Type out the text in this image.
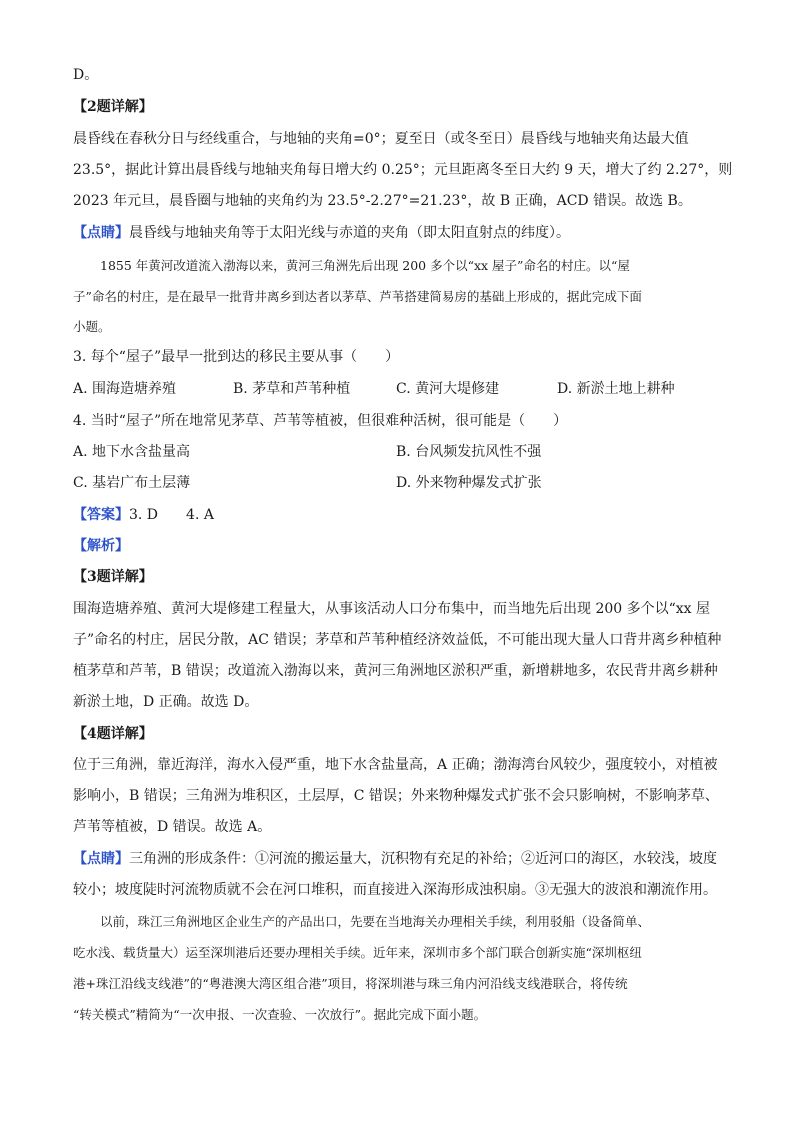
D。
【2题详解】
晨昏线在春秋分日与经线重合，与地轴的夹角=0°；夏至日（或冬至日）晨昏线与地轴夹角达最大值
23.5°，据此计算出晨昏线与地轴夹角每日增大约 0.25°；元旦距离冬至日大约 9 天，增大了约 2.27°，则
2023 年元旦，晨昏圈与地轴的夹角约为 23.5°-2.27°=21.23°，故 B 正确，ACD 错误。故选 B。
【点睛】晨昏线与地轴夹角等于太阳光线与赤道的夹角（即太阳直射点的纬度）。
1855 年黄河改道流入渤海以来，黄河三角洲先后出现 200 多个以“xx 屋子”命名的村庄。以“屋
子”命名的村庄，是在最早一批背井离乡到达者以茅草、芦苇搭建简易房的基础上形成的，据此完成下面
小题。
3. 每个“屋子”最早一批到达的移民主要从事（　　）
A. 围海造塘养殖	B. 茅草和芦苇种植	C. 黄河大堤修建	D. 新淤土地上耕种
4. 当时“屋子”所在地常见茅草、芦苇等植被，但很难种活树，很可能是（　　）
A. 地下水含盐量高	B. 台风频发抗风性不强
C. 基岩广布土层薄	D. 外来物种爆发式扩张
【答案】3. D　　4. A
【解析】
【3题详解】
围海造塘养殖、黄河大堤修建工程量大，从事该活动人口分布集中，而当地先后出现 200 多个以“xx 屋
子”命名的村庄，居民分散，AC 错误；茅草和芦苇种植经济效益低，不可能出现大量人口背井离乡种植种
植茅草和芦苇，B 错误；改道流入渤海以来，黄河三角洲地区淤积严重，新增耕地多，农民背井离乡耕种
新淤土地，D 正确。故选 D。
【4题详解】
位于三角洲，靠近海洋，海水入侵严重，地下水含盐量高，A 正确；渤海湾台风较少，强度较小，对植被
影响小，B 错误；三角洲为堆积区，土层厚，C 错误；外来物种爆发式扩张不会只影响树，不影响茅草、
芦苇等植被，D 错误。故选 A。
【点睛】三角洲的形成条件：①河流的搬运量大，沉积物有充足的补给；②近河口的海区，水较浅，坡度
较小；坡度陡时河流物质就不会在河口堆积，而直接进入深海形成浊积扇。③无强大的波浪和潮流作用。
以前，珠江三角洲地区企业生产的产品出口，先要在当地海关办理相关手续，利用驳船（设备简单、
吃水浅、载货量大）运至深圳港后还要办理相关手续。近年来，深圳市多个部门联合创新实施“深圳枢纽
港+珠江沿线支线港”的“粤港澳大湾区组合港”项目，将深圳港与珠三角内河沿线支线港联合，将传统
“转关模式”精简为“一次申报、一次查验、一次放行”。据此完成下面小题。
